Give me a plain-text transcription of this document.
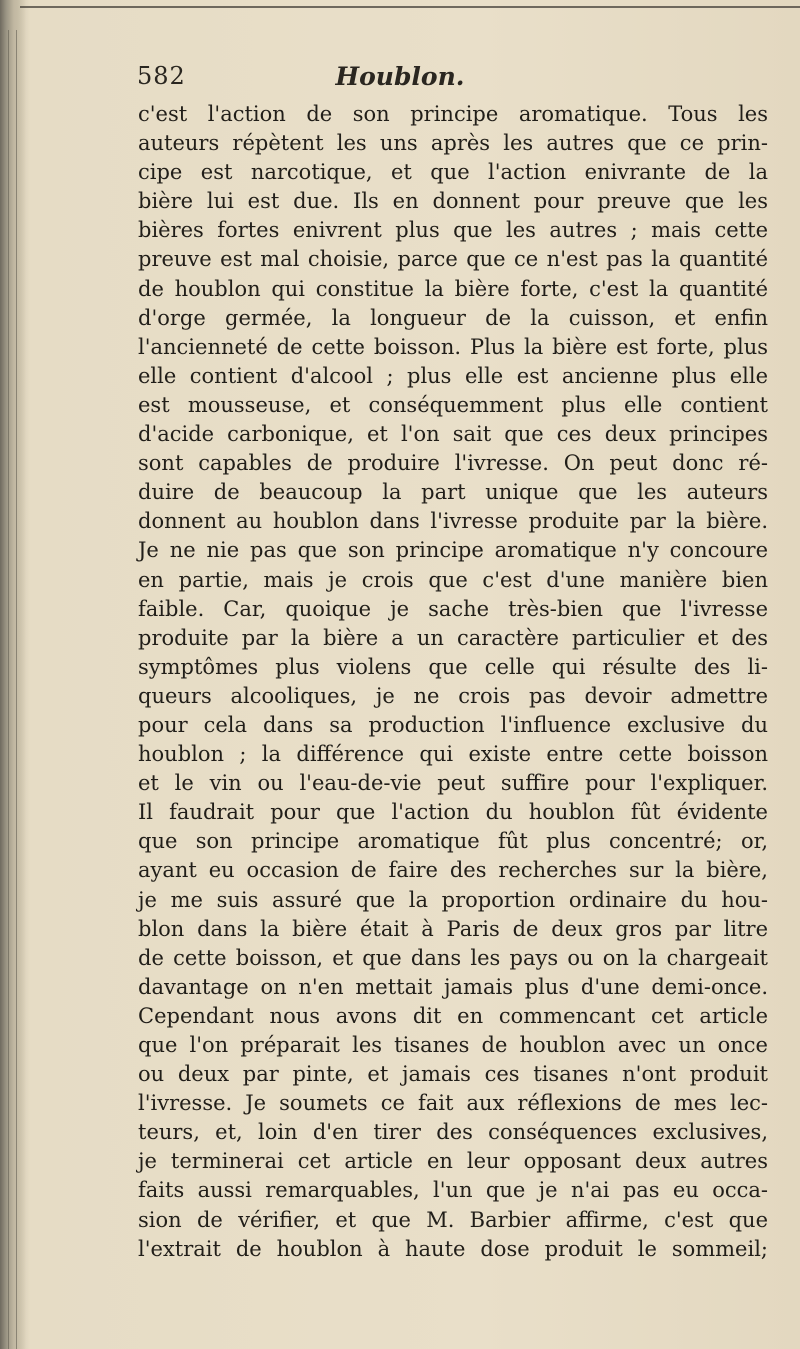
582	Houblon.
c'est l'action de son principe aromatique. Tous les
auteurs répètent les uns après les autres que ce prin-
cipe est narcotique, et que l'action enivrante de la
bière lui est due. Ils en donnent pour preuve que les
bières fortes enivrent plus que les autres ; mais cette
preuve est mal choisie, parce que ce n'est pas la quantité
de houblon qui constitue la bière forte, c'est la quantité
d'orge germée, la longueur de la cuisson, et enfin
l'ancienneté de cette boisson. Plus la bière est forte, plus
elle contient d'alcool ; plus elle est ancienne plus elle
est mousseuse, et conséquemment plus elle contient
d'acide carbonique, et l'on sait que ces deux principes
sont capables de produire l'ivresse. On peut donc ré-
duire de beaucoup la part unique que les auteurs
donnent au houblon dans l'ivresse produite par la bière.
Je ne nie pas que son principe aromatique n'y concoure
en partie, mais je crois que c'est d'une manière bien
faible. Car, quoique je sache très-bien que l'ivresse
produite par la bière a un caractère particulier et des
symptômes plus violens que celle qui résulte des li-
queurs alcooliques, je ne crois pas devoir admettre
pour cela dans sa production l'influence exclusive du
houblon ; la différence qui existe entre cette boisson
et le vin ou l'eau-de-vie peut suffire pour l'expliquer.
Il faudrait pour que l'action du houblon fût évidente
que son principe aromatique fût plus concentré; or,
ayant eu occasion de faire des recherches sur la bière,
je me suis assuré que la proportion ordinaire du hou-
blon dans la bière était à Paris de deux gros par litre
de cette boisson, et que dans les pays ou on la chargeait
davantage on n'en mettait jamais plus d'une demi-once.
Cependant nous avons dit en commencant cet article
que l'on préparait les tisanes de houblon avec un once
ou deux par pinte, et jamais ces tisanes n'ont produit
l'ivresse. Je soumets ce fait aux réflexions de mes lec-
teurs, et, loin d'en tirer des conséquences exclusives,
je terminerai cet article en leur opposant deux autres
faits aussi remarquables, l'un que je n'ai pas eu occa-
sion de vérifier, et que M. Barbier affirme, c'est que
l'extrait de houblon à haute dose produit le sommeil;
